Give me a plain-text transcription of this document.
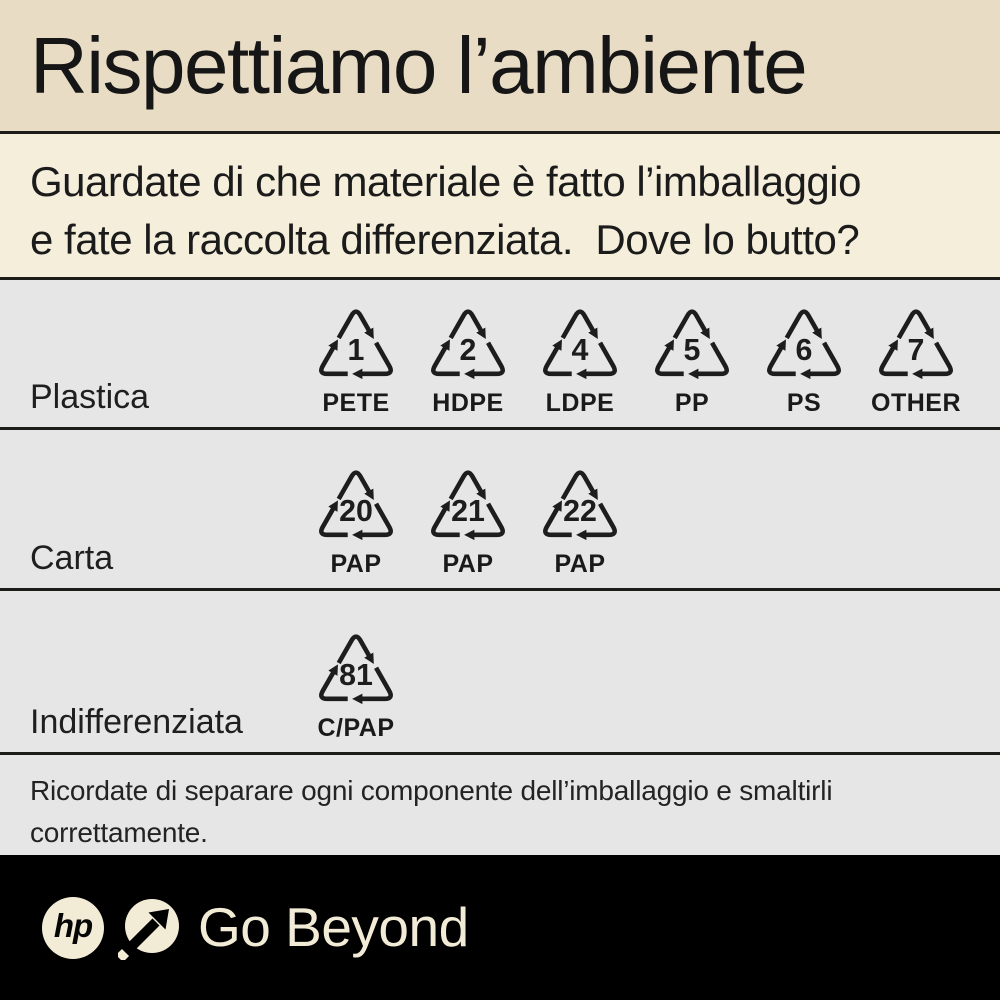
Rispettiamo l’ambiente
Guardate di che materiale è fatto l’imballaggio
e fate la raccolta differenziata.  Dove lo butto?
Plastica
1
PETE
2
HDPE
4
LDPE
5
PP
6
PS
7
OTHER
Carta
20
PAP
21
PAP
22
PAP
Indifferenziata
81
C/PAP
Ricordate di separare ogni componente dell’imballaggio e smaltirli correttamente.
hp Go Beyond
